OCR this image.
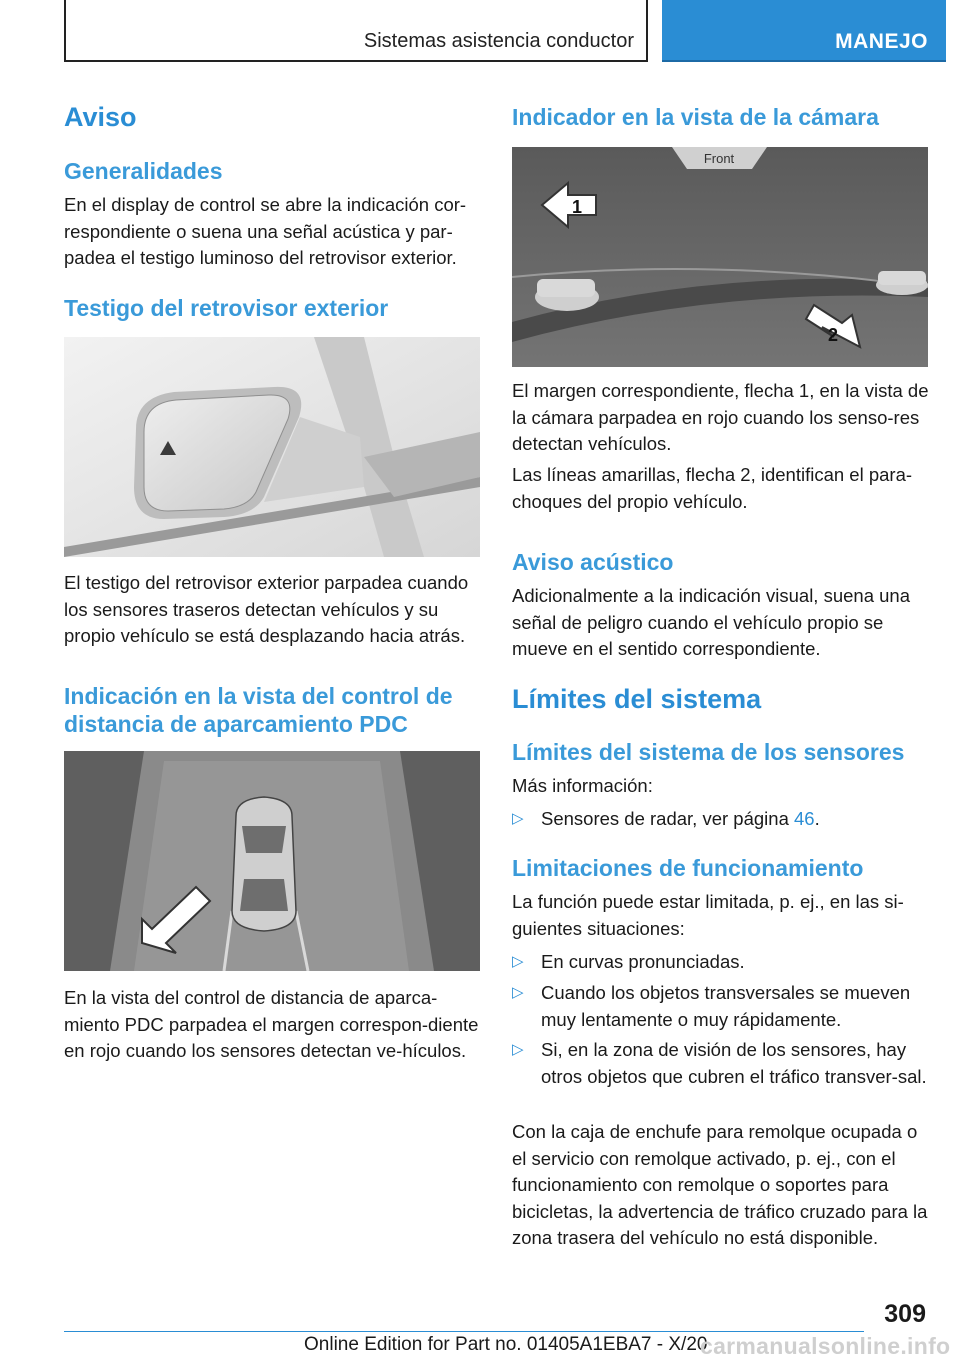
Sistemas asistencia conductor	MANEJO
Aviso
Generalidades
En el display de control se abre la indicación cor-respondiente o suena una señal acústica y par-padea el testigo luminoso del retrovisor exterior.
Testigo del retrovisor exterior
El testigo del retrovisor exterior parpadea cuando los sensores traseros detectan vehículos y su propio vehículo se está desplazando hacia atrás.
Indicación en la vista del control de distancia de aparcamiento PDC
En la vista del control de distancia de aparca-miento PDC parpadea el margen correspon-diente en rojo cuando los sensores detectan ve-hículos.
Indicador en la vista de la cámara
Front
1
2
El margen correspondiente, flecha 1, en la vista de la cámara parpadea en rojo cuando los senso-res detectan vehículos.
Las líneas amarillas, flecha 2, identifican el para-choques del propio vehículo.
Aviso acústico
Adicionalmente a la indicación visual, suena una señal de peligro cuando el vehículo propio se mueve en el sentido correspondiente.
Límites del sistema
Límites del sistema de los sensores
Más información:
▷ Sensores de radar, ver página 46.
Limitaciones de funcionamiento
La función puede estar limitada, p. ej., en las si-guientes situaciones:
▷ En curvas pronunciadas.
▷ Cuando los objetos transversales se mueven muy lentamente o muy rápidamente.
▷ Si, en la zona de visión de los sensores, hay otros objetos que cubren el tráfico transver-sal.
Con la caja de enchufe para remolque ocupada o el servicio con remolque activado, p. ej., con el funcionamiento con remolque o soportes para bicicletas, la advertencia de tráfico cruzado para la zona trasera del vehículo no está disponible.
309
Online Edition for Part no. 01405A1EBA7 - X/20
carmanualsonline.info
